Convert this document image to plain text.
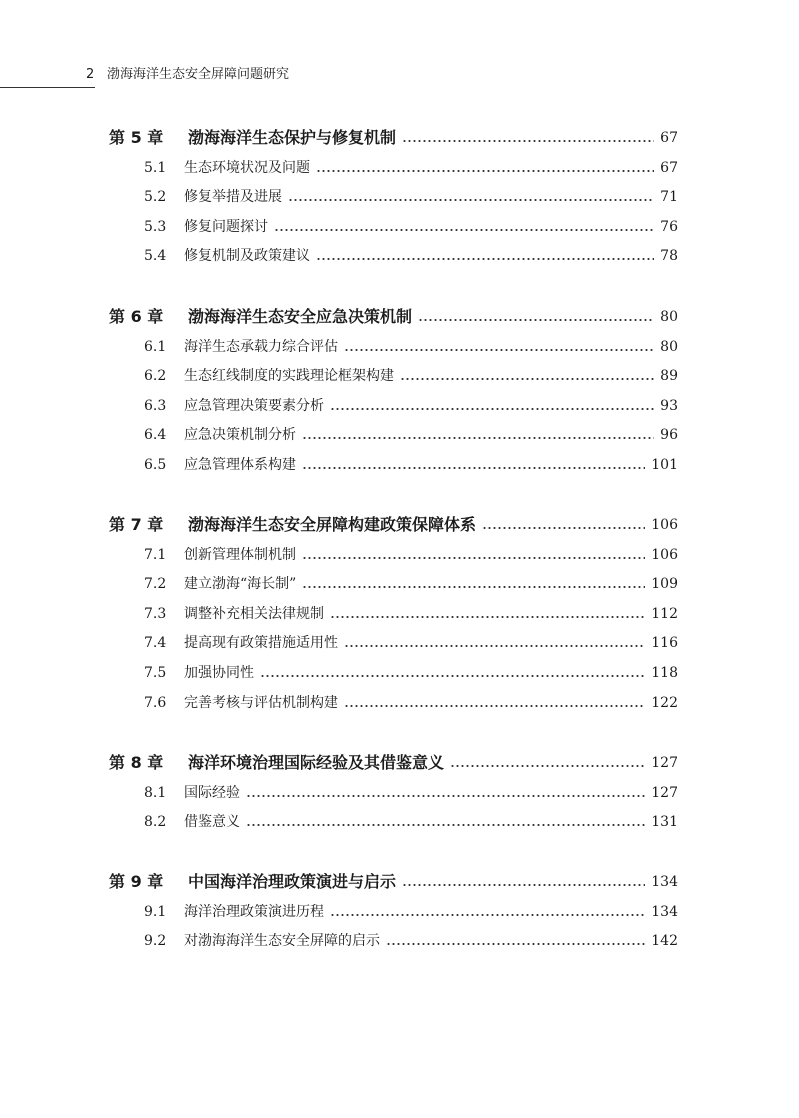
2 渤海海洋生态安全屏障问题研究
第 5 章 渤海海洋生态保护与修复机制	67
5.1 生态环境状况及问题	67
5.2 修复举措及进展	71
5.3 修复问题探讨	76
5.4 修复机制及政策建议	78
第 6 章 渤海海洋生态安全应急决策机制	80
6.1 海洋生态承载力综合评估	80
6.2 生态红线制度的实践理论框架构建	89
6.3 应急管理决策要素分析	93
6.4 应急决策机制分析	96
6.5 应急管理体系构建	101
第 7 章 渤海海洋生态安全屏障构建政策保障体系	106
7.1 创新管理体制机制	106
7.2 建立渤海“海长制”	109
7.3 调整补充相关法律规制	112
7.4 提高现有政策措施适用性	116
7.5 加强协同性	118
7.6 完善考核与评估机制构建	122
第 8 章 海洋环境治理国际经验及其借鉴意义	127
8.1 国际经验	127
8.2 借鉴意义	131
第 9 章 中国海洋治理政策演进与启示	134
9.1 海洋治理政策演进历程	134
9.2 对渤海海洋生态安全屏障的启示	142
